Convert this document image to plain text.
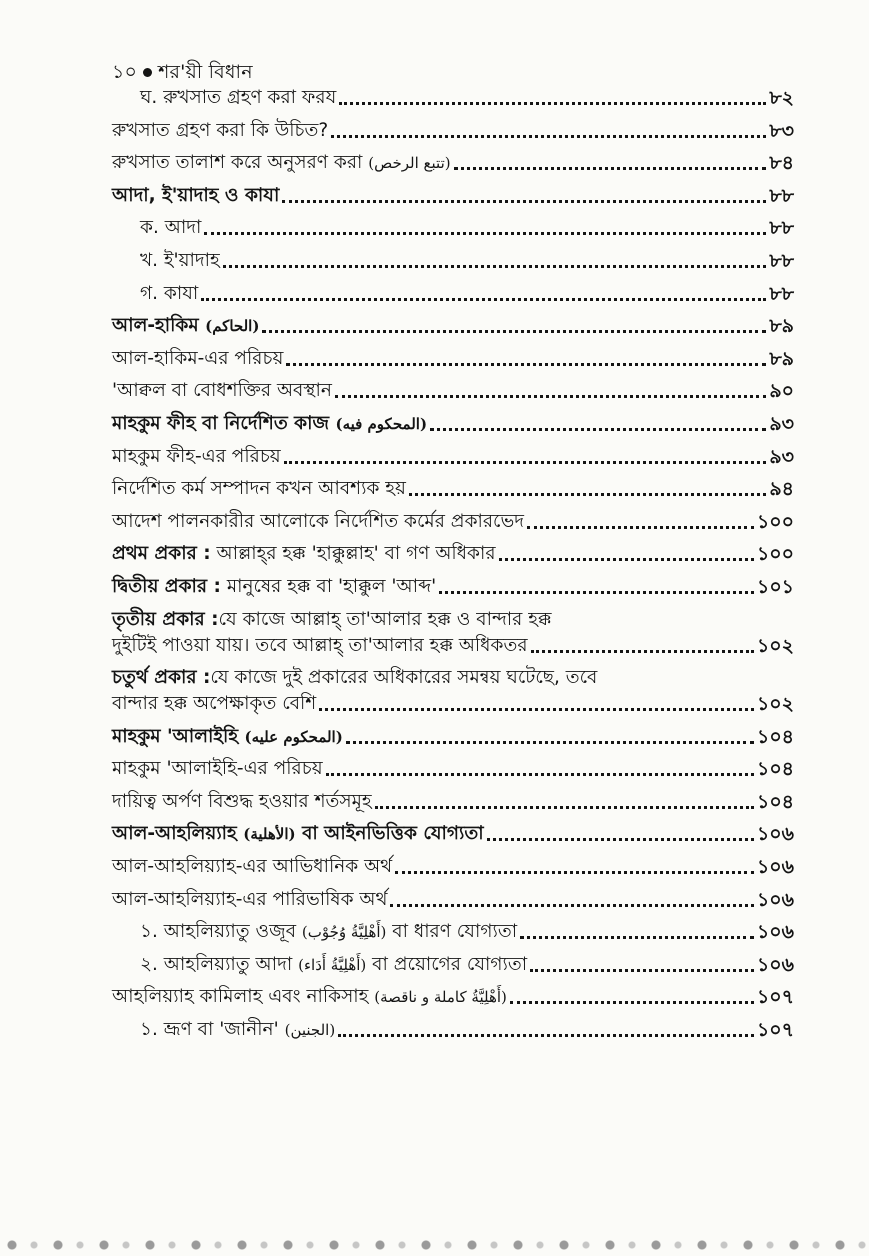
১০ শর'য়ী বিধান
ঘ. রুখসাত গ্রহণ করা ফরয	৮২
রুখসাত গ্রহণ করা কি উচিত?	৮৩
রুখসাত তালাশ করে অনুসরণ করা (تتبع الرخص)	৮৪
আদা, ই'য়াদাহ ও কাযা	৮৮
ক. আদা	৮৮
খ. ই'য়াদাহ	৮৮
গ. কাযা	৮৮
আল-হাকিম (الحاكم)	৮৯
আল-হাকিম-এর পরিচয়	৮৯
'আক্বল বা বোধশক্তির অবস্থান	৯০
মাহকুম ফীহ বা নির্দেশিত কাজ (المحكوم فيه)	৯৩
মাহকুম ফীহ-এর পরিচয়	৯৩
নির্দেশিত কর্ম সম্পাদন কখন আবশ্যক হয়	৯৪
আদেশ পালনকারীর আলোকে নির্দেশিত কর্মের প্রকারভেদ	১০০
প্রথম প্রকার : আল্লাহ্‌র হক্ক 'হাক্কুল্লাহ' বা গণ অধিকার	১০০
দ্বিতীয় প্রকার : মানুষের হক্ক বা 'হাক্কুল 'আব্দ'	১০১
তৃতীয় প্রকার : যে কাজে আল্লাহ্‌ তা'আলার হক্ক ও বান্দার হক্ক
দুইটিই পাওয়া যায়। তবে আল্লাহ্‌ তা'আলার হক্ক অধিকতর	১০২
চতুর্থ প্রকার : যে কাজে দুই প্রকারের অধিকারের সমন্বয় ঘটেছে, তবে
বান্দার হক্ক অপেক্ষাকৃত বেশি	১০২
মাহকুম 'আলাইহি (المحكوم عليه)	১০৪
মাহকুম 'আলাইহি-এর পরিচয়	১০৪
দায়িত্ব অর্পণ বিশুদ্ধ হওয়ার শর্তসমূহ	১০৪
আল-আহলিয়্যাহ (الأهلية) বা আইনভিত্তিক যোগ্যতা	১০৬
আল-আহলিয়্যাহ-এর আভিধানিক অর্থ	১০৬
আল-আহলিয়্যাহ-এর পারিভাষিক অর্থ	১০৬
১. আহলিয়্যাতু ওজূব (أَهْلِيَّةُ وُجُوْب) বা ধারণ যোগ্যতা	১০৬
২. আহলিয়্যাতু আদা (أَهْلِيَّةُ أَدَاء) বা প্রয়োগের যোগ্যতা	১০৬
আহলিয়্যাহ কামিলাহ এবং নাকিসাহ (أَهْلِيَّةُ كاملة و ناقصة)	১০৭
১. ভ্রূণ বা 'জানীন' (الجنين)	১০৭
